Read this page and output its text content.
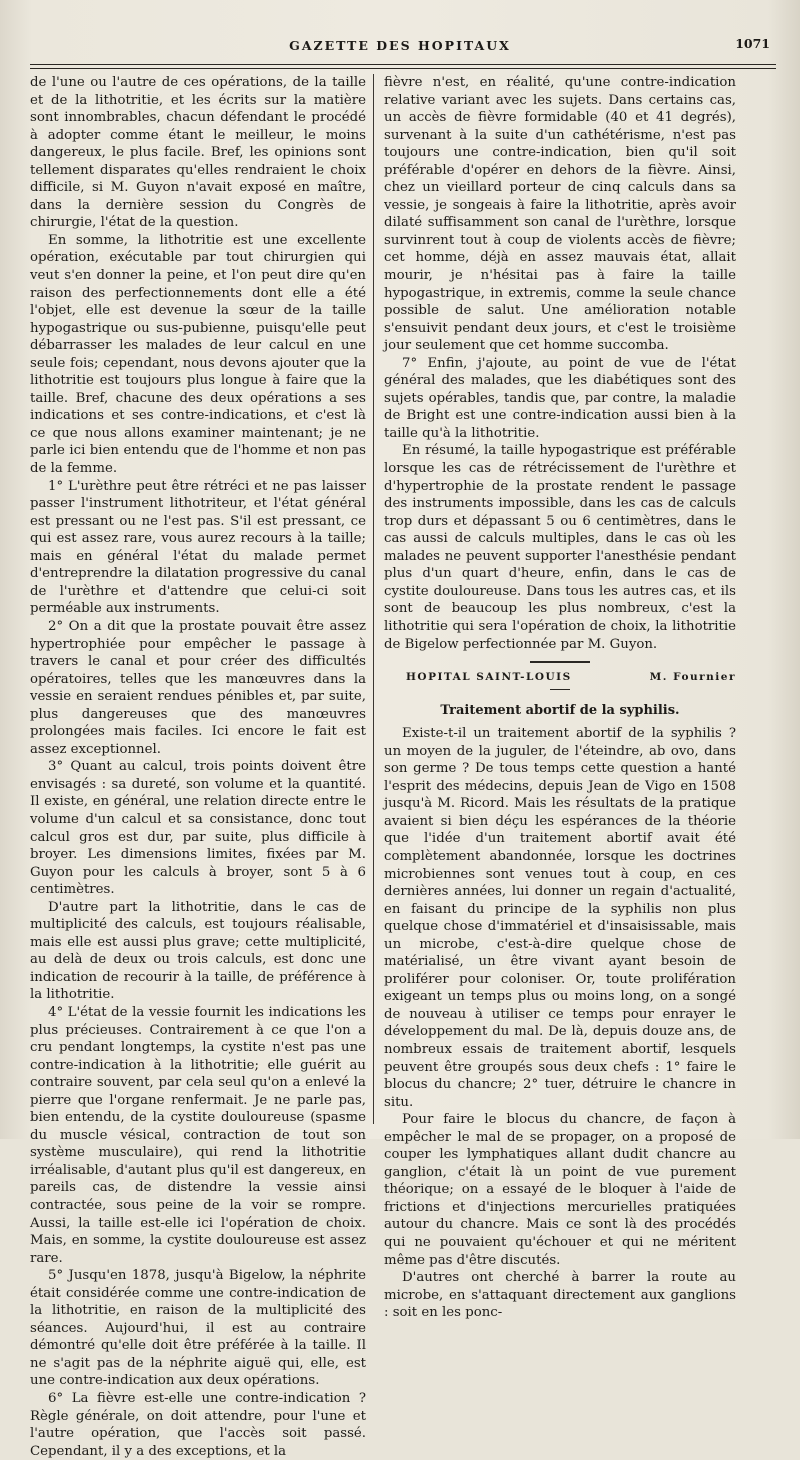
GAZETTE DES HOPITAUX	1071

de l'une ou l'autre de ces opérations, de la taille et de la lithotritie, et les écrits sur la matière sont innombrables, chacun défendant le procédé à adopter comme étant le meilleur, le moins dangereux, le plus facile. Bref, les opinions sont tellement disparates qu'elles rendraient le choix difficile, si M. Guyon n'avait exposé en maître, dans la dernière session du Congrès de chirurgie, l'état de la question.

En somme, la lithotritie est une excellente opération, exécutable par tout chirurgien qui veut s'en donner la peine, et l'on peut dire qu'en raison des perfectionnements dont elle a été l'objet, elle est devenue la sœur de la taille hypogastrique ou sus-pubienne, puisqu'elle peut débarrasser les malades de leur calcul en une seule fois; cependant, nous devons ajouter que la lithotritie est toujours plus longue à faire que la taille. Bref, chacune des deux opérations a ses indications et ses contre-indications, et c'est là ce que nous allons examiner maintenant; je ne parle ici bien entendu que de l'homme et non pas de la femme.

1° L'urèthre peut être rétréci et ne pas laisser passer l'instrument lithotriteur, et l'état général est pressant ou ne l'est pas. S'il est pressant, ce qui est assez rare, vous aurez recours à la taille; mais en général l'état du malade permet d'entreprendre la dilatation progressive du canal de l'urèthre et d'attendre que celui-ci soit perméable aux instruments.

2° On a dit que la prostate pouvait être assez hypertrophiée pour empêcher le passage à travers le canal et pour créer des difficultés opératoires, telles que les manœuvres dans la vessie en seraient rendues pénibles et, par suite, plus dangereuses que des manœuvres prolongées mais faciles. Ici encore le fait est assez exceptionnel.

3° Quant au calcul, trois points doivent être envisagés : sa dureté, son volume et la quantité. Il existe, en général, une relation directe entre le volume d'un calcul et sa consistance, donc tout calcul gros est dur, par suite, plus difficile à broyer. Les dimensions limites, fixées par M. Guyon pour les calculs à broyer, sont 5 à 6 centimètres.

D'autre part la lithotritie, dans le cas de multiplicité des calculs, est toujours réalisable, mais elle est aussi plus grave; cette multiplicité, au delà de deux ou trois calculs, est donc une indication de recourir à la taille, de préférence à la lithotritie.

4° L'état de la vessie fournit les indications les plus précieuses. Contrairement à ce que l'on a cru pendant longtemps, la cystite n'est pas une contre-indication à la lithotritie; elle guérit au contraire souvent, par cela seul qu'on a enlevé la pierre que l'organe renfermait. Je ne parle pas, bien entendu, de la cystite douloureuse (spasme du muscle vésical, contraction de tout son système musculaire), qui rend la lithotritie irréalisable, d'autant plus qu'il est dangereux, en pareils cas, de distendre la vessie ainsi contractée, sous peine de la voir se rompre. Aussi, la taille est-elle ici l'opération de choix. Mais, en somme, la cystite douloureuse est assez rare.

5° Jusqu'en 1878, jusqu'à Bigelow, la néphrite était considérée comme une contre-indication de la lithotritie, en raison de la multiplicité des séances. Aujourd'hui, il est au contraire démontré qu'elle doit être préférée à la taille. Il ne s'agit pas de la néphrite aiguë qui, elle, est une contre-indication aux deux opérations.

6° La fièvre est-elle une contre-indication ? Règle générale, on doit attendre, pour l'une et l'autre opération, que l'accès soit passé. Cependant, il y a des exceptions, et la

fièvre n'est, en réalité, qu'une contre-indication relative variant avec les sujets. Dans certains cas, un accès de fièvre formidable (40 et 41 degrés), survenant à la suite d'un cathétérisme, n'est pas toujours une contre-indication, bien qu'il soit préférable d'opérer en dehors de la fièvre. Ainsi, chez un vieillard porteur de cinq calculs dans sa vessie, je songeais à faire la lithotritie, après avoir dilaté suffisamment son canal de l'urèthre, lorsque survinrent tout à coup de violents accès de fièvre; cet homme, déjà en assez mauvais état, allait mourir, je n'hésitai pas à faire la taille hypogastrique, in extremis, comme la seule chance possible de salut. Une amélioration notable s'ensuivit pendant deux jours, et c'est le troisième jour seulement que cet homme succomba.

7° Enfin, j'ajoute, au point de vue de l'état général des malades, que les diabétiques sont des sujets opérables, tandis que, par contre, la maladie de Bright est une contre-indication aussi bien à la taille qu'à la lithotritie.

En résumé, la taille hypogastrique est préférable lorsque les cas de rétrécissement de l'urèthre et d'hypertrophie de la prostate rendent le passage des instruments impossible, dans les cas de calculs trop durs et dépassant 5 ou 6 centimètres, dans le cas aussi de calculs multiples, dans le cas où les malades ne peuvent supporter l'anesthésie pendant plus d'un quart d'heure, enfin, dans le cas de cystite douloureuse. Dans tous les autres cas, et ils sont de beaucoup les plus nombreux, c'est la lithotritie qui sera l'opération de choix, la lithotritie de Bigelow perfectionnée par M. Guyon.

HOPITAL SAINT-LOUIS	M. Fournier
Traitement abortif de la syphilis.

Existe-t-il un traitement abortif de la syphilis ? un moyen de la juguler, de l'éteindre, ab ovo, dans son germe ? De tous temps cette question a hanté l'esprit des médecins, depuis Jean de Vigo en 1508 jusqu'à M. Ricord. Mais les résultats de la pratique avaient si bien déçu les espérances de la théorie que l'idée d'un traitement abortif avait été complètement abandonnée, lorsque les doctrines microbiennes sont venues tout à coup, en ces dernières années, lui donner un regain d'actualité, en faisant du principe de la syphilis non plus quelque chose d'immatériel et d'insaisissable, mais un microbe, c'est-à-dire quelque chose de matérialisé, un être vivant ayant besoin de proliférer pour coloniser. Or, toute prolifération exigeant un temps plus ou moins long, on a songé de nouveau à utiliser ce temps pour enrayer le développement du mal. De là, depuis douze ans, de nombreux essais de traitement abortif, lesquels peuvent être groupés sous deux chefs : 1° faire le blocus du chancre; 2° tuer, détruire le chancre in situ.

Pour faire le blocus du chancre, de façon à empêcher le mal de se propager, on a proposé de couper les lymphatiques allant dudit chancre au ganglion, c'était là un point de vue purement théorique; on a essayé de le bloquer à l'aide de frictions et d'injections mercurielles pratiquées autour du chancre. Mais ce sont là des procédés qui ne pouvaient qu'échouer et qui ne méritent même pas d'être discutés.

D'autres ont cherché à barrer la route au microbe, en s'attaquant directement aux ganglions : soit en les ponc-
